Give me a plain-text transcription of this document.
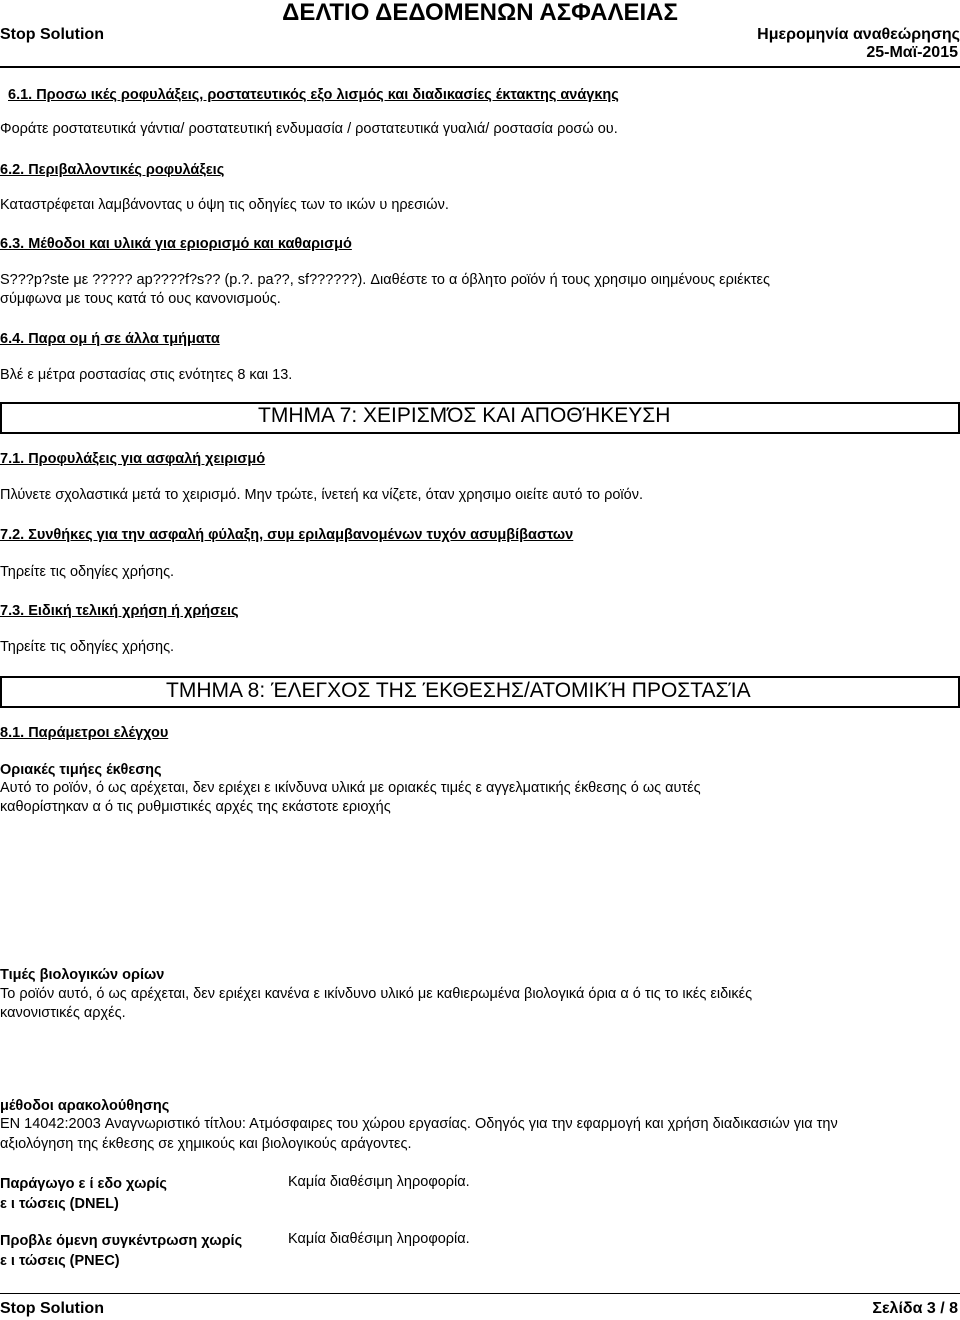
ΔΕΛΤΙΟ ΔΕΔΟΜΕΝΩΝ ΑΣΦΑΛΕΙΑΣ
Stop Solution	Ημερομηνία αναθεώρησης
25-Μαϊ-2015
6.1. Προσω ικές ροφυλάξεις, ροστατευτικός εξο λισμός και διαδικασίες έκτακτης ανάγκης
Φοράτε ροστατευτικά γάντια/ ροστατευτική ενδυμασία / ροστατευτικά γυαλιά/ ροστασία ροσώ ου.
6.2. Περιβαλλοντικές ροφυλάξεις
Καταστρέφεται λαμβάνοντας υ όψη τις οδηγίες των το ικών υ ηρεσιών.
6.3. Μέθοδοι και υλικά για εριορισμό και καθαρισμό
S???p?ste με ????? ap????f?s?? (p.?. pa??, sf??????). Διαθέστε το α όβλητο ροϊόν ή τους χρησιμο οιημένους εριέκτες
σύμφωνα με τους κατά τό ους κανονισμούς.
6.4. Παρα ομ ή σε άλλα τμήματα
Βλέ ε μέτρα ροστασίας στις ενότητες 8 και 13.
ΤΜΗΜΑ 7: ΧΕΙΡΙΣΜΌΣ ΚΑΙ ΑΠΟΘΉΚΕΥΣΗ
7.1. Προφυλάξεις για ασφαλή χειρισμό
Πλύνετε σχολαστικά μετά το χειρισμό. Μην τρώτε, ίνετεή κα νίζετε, όταν χρησιμο οιείτε αυτό το ροϊόν.
7.2. Συνθήκες για την ασφαλή φύλαξη, συμ εριλαμβανομένων τυχόν ασυμβίβαστων
Τηρείτε τις οδηγίες χρήσης.
7.3. Ειδική τελική χρήση ή χρήσεις
Τηρείτε τις οδηγίες χρήσης.
ΤΜΗΜΑ 8: ΈΛΕΓΧΟΣ ΤΗΣ ΈΚΘΕΣΗΣ/ΑΤΟΜΙΚΉ ΠΡΟΣΤΑΣΊΑ
8.1. Παράμετροι ελέγχου
Οριακές τιμήες έκθεσης
Αυτό το ροϊόν, ό ως αρέχεται, δεν εριέχει ε ικίνδυνα υλικά με οριακές τιμές ε αγγελματικής έκθεσης ό ως αυτές
καθορίστηκαν α ό τις ρυθμιστικές αρχές της εκάστοτε εριοχής
Τιμές βιολογικών ορίων
Το ροϊόν αυτό, ό ως αρέχεται, δεν εριέχει κανένα ε ικίνδυνο υλικό με καθιερωμένα βιολογικά όρια α ό τις το ικές ειδικές
κανονιστικές αρχές.
μέθοδοι αρακολούθησης
EN 14042:2003 Αναγνωριστικό τίτλου: Ατμόσφαιρες του χώρου εργασίας. Οδηγός για την εφαρμογή και χρήση διαδικασιών για την
αξιολόγηση της έκθεσης σε χημικούς και βιολογικούς αράγοντες.
Παράγωγο ε ί εδο χωρίς
ε ι τώσεις (DNEL)
Καμία διαθέσιμη ληροφορία.
Προβλε όμενη συγκέντρωση χωρίς
ε ι τώσεις (PNEC)
Καμία διαθέσιμη ληροφορία.
Stop Solution	Σελίδα 3 / 8
